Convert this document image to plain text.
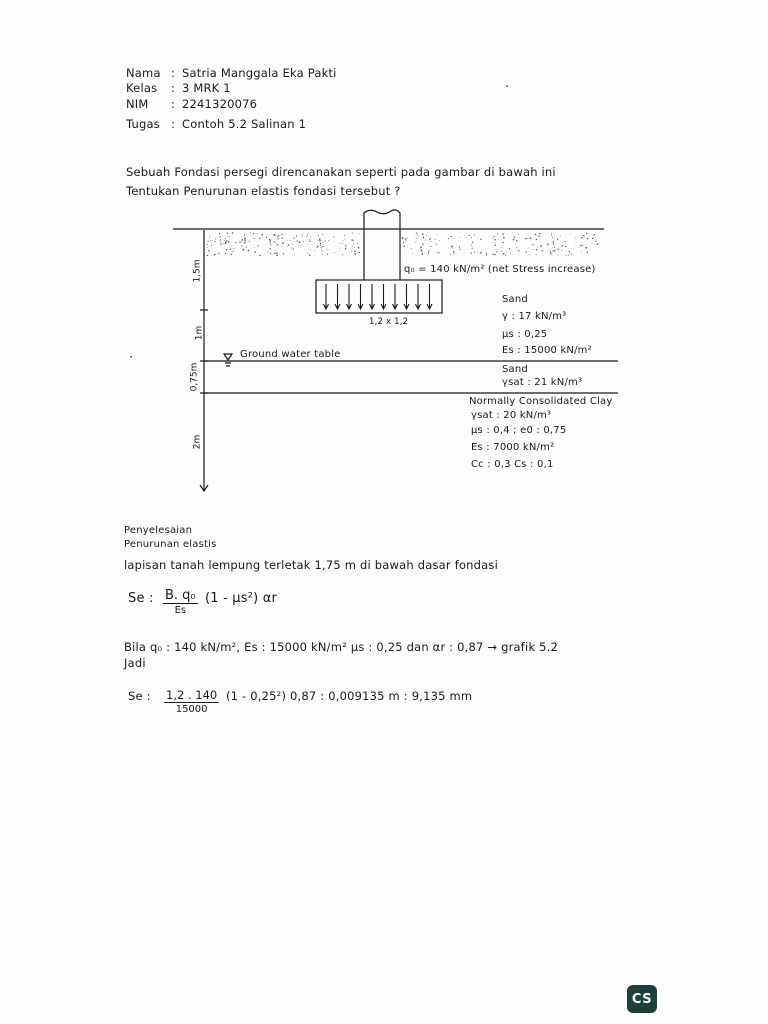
Nama : Satria Manggala Eka Pakti
Kelas : 3 MRK 1
NIM : 2241320076
Tugas : Contoh 5.2 Salinan 1
Sebuah Fondasi persegi direncanakan seperti pada gambar di bawah ini
Tentukan Penurunan elastis fondasi tersebut ?
1,5m
1m
0,75m
2m
q₀ = 140 kN/m² (net Stress increase)
1,2 x 1,2
Ground water table
Sand
γ : 17 kN/m³
μs : 0,25
Es : 15000 kN/m²
Sand
γsat : 21 kN/m³
Normally Consolidated Clay
γsat : 20 kN/m³
μs : 0,4 ; e0 : 0,75
Es : 7000 kN/m²
Cc : 0,3 Cs : 0,1
Penyelesaian
Penurunan elastis
lapisan tanah lempung terletak 1,75 m di bawah dasar fondasi
Se : B. q₀
Es
(1 - μs²) αr
Bila q₀ : 140 kN/m², Es : 15000 kN/m² μs : 0,25 dan αr : 0,87 → grafik 5.2
Jadi
Se : $\frac{1,2 . 140}{15000} (1 - 0,25^2)$ 0,87 : 0,009135 m : 9,135 mm
CS
